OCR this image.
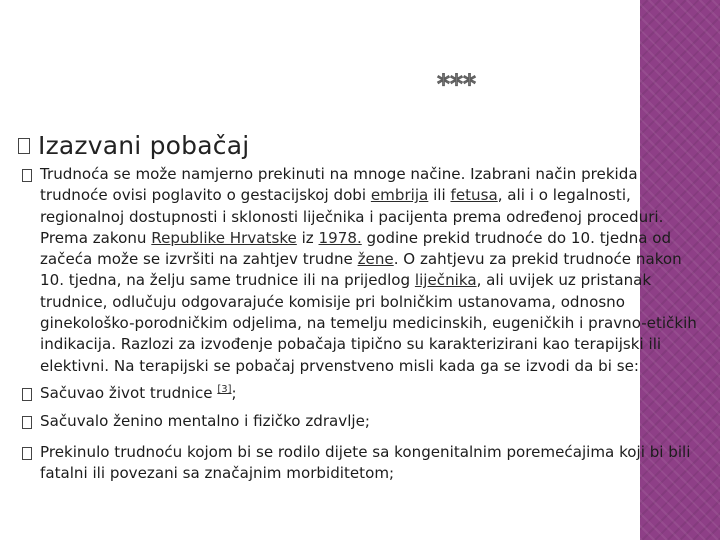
***
Izazvani pobačaj
Trudnoća se može namjerno prekinuti na mnoge načine. Izabrani način prekida trudnoće ovisi poglavito o gestacijskoj dobi embrija ili fetusa, ali i o legalnosti, regionalnoj dostupnosti i sklonosti liječnika i pacijenta prema određenoj proceduri. Prema zakonu Republike Hrvatske iz 1978. godine prekid trudnoće do 10. tjedna od začeća može se izvršiti na zahtjev trudne žene. O zahtjevu za prekid trudnoće nakon 10. tjedna, na želju same trudnice ili na prijedlog liječnika, ali uvijek uz pristanak trudnice, odlučuju odgovarajuće komisije pri bolničkim ustanovama, odnosno ginekološko-porodničkim odjelima, na temelju medicinskih, eugeničkih i pravno-etičkih indikacija. Razlozi za izvođenje pobačaja tipično su karakterizirani kao terapijski ili elektivni. Na terapijski se pobačaj prvenstveno misli kada ga se izvodi da bi se:
Sačuvao život trudnice [3];
Sačuvalo ženino mentalno i fizičko zdravlje;
Prekinulo trudnoću kojom bi se rodilo dijete sa kongenitalnim poremećajima koji bi bili fatalni ili povezani sa značajnim morbiditetom;
